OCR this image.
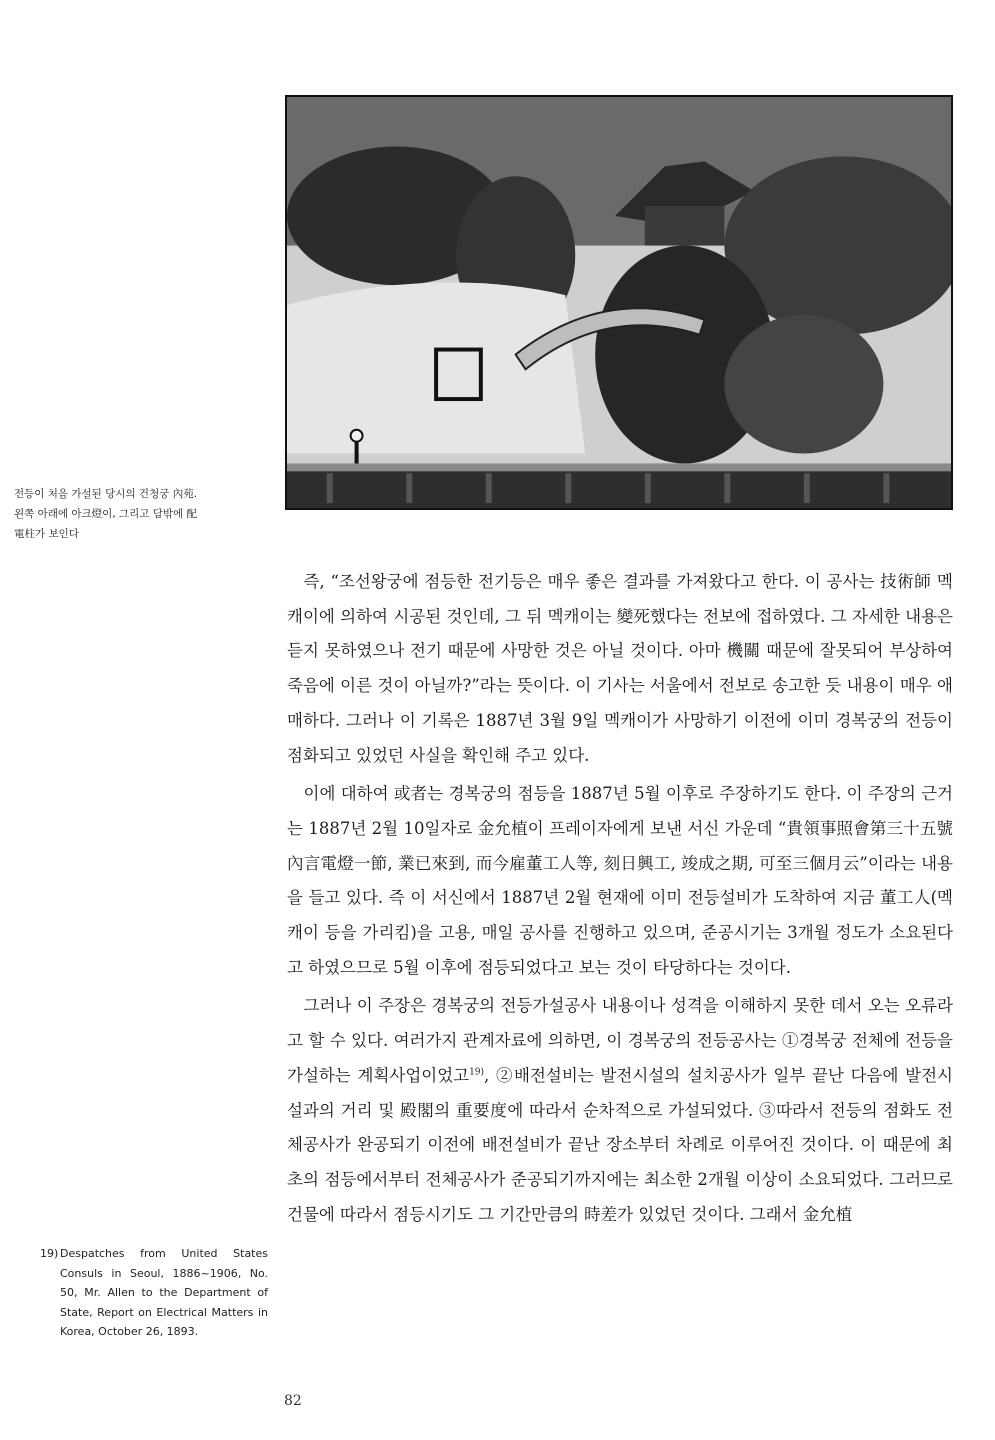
전등이 처음 가설된 당시의 건청궁 內苑.

왼쪽 아래에 아크燈이, 그리고 담밖에 配

電柱가 보인다

즉, “조선왕궁에 점등한 전기등은 매우 좋은 결과를 가져왔다고 한다. 이 공사는 技術師 멕캐이에 의하여 시공된 것인데, 그 뒤 멕캐이는 變死했다는 전보에 접하였다. 그 자세한 내용은 듣지 못하였으나 전기 때문에 사망한 것은 아닐 것이다. 아마 機關 때문에 잘못되어 부상하여 죽음에 이른 것이 아닐까?”라는 뜻이다. 이 기사는 서울에서 전보로 송고한 듯 내용이 매우 애매하다. 그러나 이 기록은 1887년 3월 9일 멕캐이가 사망하기 이전에 이미 경복궁의 전등이 점화되고 있었던 사실을 확인해 주고 있다.

이에 대하여 或者는 경복궁의 점등을 1887년 5월 이후로 주장하기도 한다. 이 주장의 근거는 1887년 2월 10일자로 金允植이 프레이자에게 보낸 서신 가운데 “貴領事照會第三十五號內言電燈一節, 業已來到, 而今雇董工人等, 刻日興工, 竣成之期, 可至三個月云”이라는 내용을 들고 있다. 즉 이 서신에서 1887년 2월 현재에 이미 전등설비가 도착하여 지금 董工人(멕캐이 등을 가리킴)을 고용, 매일 공사를 진행하고 있으며, 준공시기는 3개월 정도가 소요된다고 하였으므로 5월 이후에 점등되었다고 보는 것이 타당하다는 것이다.

그러나 이 주장은 경복궁의 전등가설공사 내용이나 성격을 이해하지 못한 데서 오는 오류라고 할 수 있다. 여러가지 관계자료에 의하면, 이 경복궁의 전등공사는 ①경복궁 전체에 전등을 가설하는 계획사업이었고$^{19)}$, ②배전설비는 발전시설의 설치공사가 일부 끝난 다음에 발전시설과의 거리 및 殿閣의 重要度에 따라서 순차적으로 가설되었다. ③따라서 전등의 점화도 전체공사가 완공되기 이전에 배전설비가 끝난 장소부터 차례로 이루어진 것이다. 이 때문에 최초의 점등에서부터 전체공사가 준공되기까지에는 최소한 2개월 이상이 소요되었다. 그러므로 건물에 따라서 점등시기도 그 기간만큼의 時差가 있었던 것이다. 그래서 金允植

19) Despatches from United States Consuls in Seoul, 1886~1906, No. 50, Mr. Allen to the Department of State, Report on Electrical Matters in Korea, October 26, 1893.
82
